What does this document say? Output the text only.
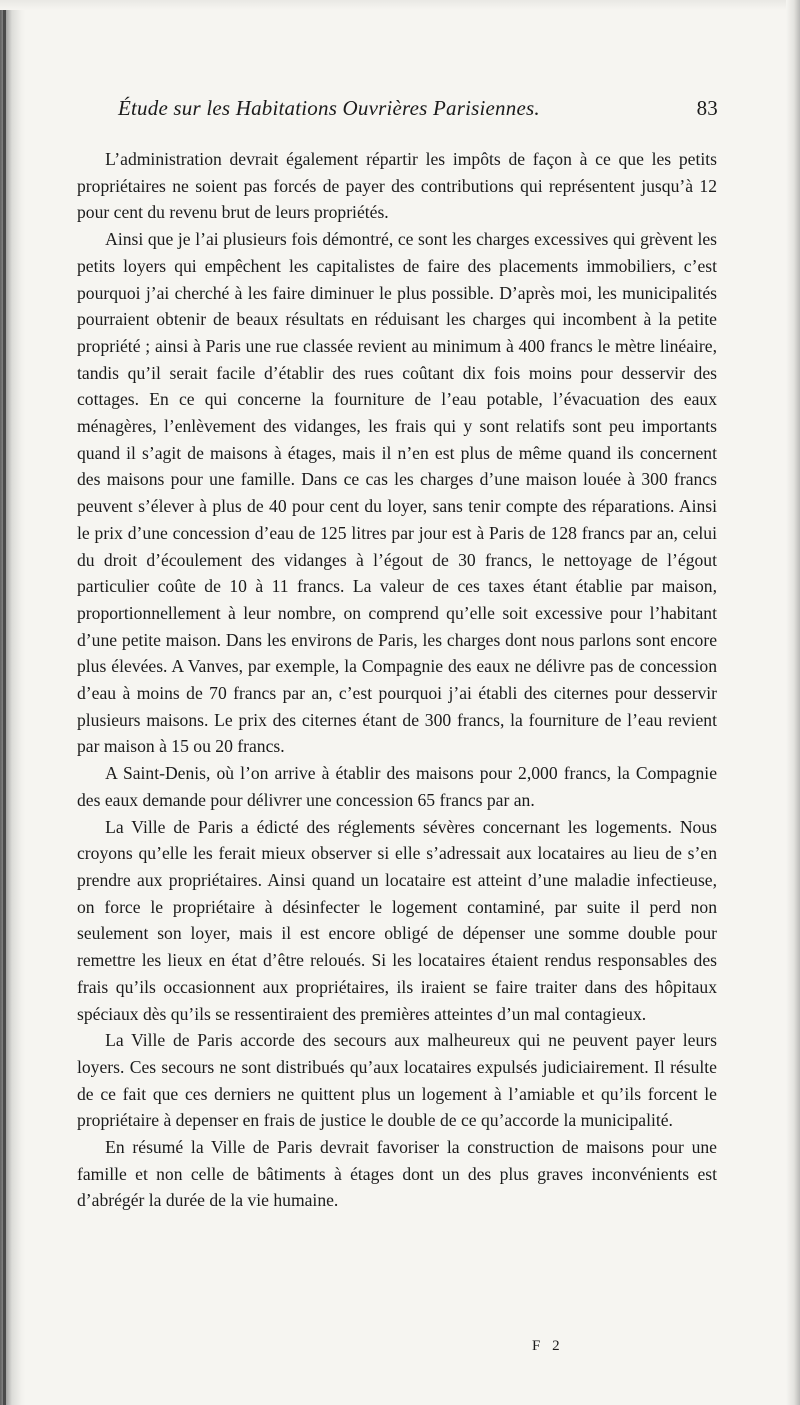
Étude sur les Habitations Ouvrières Parisiennes.	83

L’administration devrait également répartir les impôts de façon à ce que les petits propriétaires ne soient pas forcés de payer des contributions qui représentent jusqu’à 12 pour cent du revenu brut de leurs propriétés.

Ainsi que je l’ai plusieurs fois démontré, ce sont les charges excessives qui grèvent les petits loyers qui empêchent les capitalistes de faire des placements immobiliers, c’est pourquoi j’ai cherché à les faire diminuer le plus possible. D’après moi, les municipalités pourraient obtenir de beaux résultats en réduisant les charges qui incombent à la petite propriété ; ainsi à Paris une rue classée revient au minimum à 400 francs le mètre linéaire, tandis qu’il serait facile d’établir des rues coûtant dix fois moins pour desservir des cottages. En ce qui concerne la fourniture de l’eau potable, l’évacuation des eaux ménagères, l’enlèvement des vidanges, les frais qui y sont relatifs sont peu importants quand il s’agit de maisons à étages, mais il n’en est plus de même quand ils concernent des maisons pour une famille. Dans ce cas les charges d’une maison louée à 300 francs peuvent s’élever à plus de 40 pour cent du loyer, sans tenir compte des réparations. Ainsi le prix d’une concession d’eau de 125 litres par jour est à Paris de 128 francs par an, celui du droit d’écoulement des vidanges à l’égout de 30 francs, le nettoyage de l’égout particulier coûte de 10 à 11 francs. La valeur de ces taxes étant établie par maison, proportionnellement à leur nombre, on comprend qu’elle soit excessive pour l’habitant d’une petite maison. Dans les environs de Paris, les charges dont nous parlons sont encore plus élevées. A Vanves, par exemple, la Compagnie des eaux ne délivre pas de concession d’eau à moins de 70 francs par an, c’est pourquoi j’ai établi des citernes pour desservir plusieurs maisons. Le prix des citernes étant de 300 francs, la fourniture de l’eau revient par maison à 15 ou 20 francs.

A Saint-Denis, où l’on arrive à établir des maisons pour 2,000 francs, la Compagnie des eaux demande pour délivrer une concession 65 francs par an.

La Ville de Paris a édicté des réglements sévères concernant les logements. Nous croyons qu’elle les ferait mieux observer si elle s’adressait aux locataires au lieu de s’en prendre aux propriétaires. Ainsi quand un locataire est atteint d’une maladie infectieuse, on force le propriétaire à désinfecter le logement contaminé, par suite il perd non seulement son loyer, mais il est encore obligé de dépenser une somme double pour remettre les lieux en état d’être reloués. Si les locataires étaient rendus responsables des frais qu’ils occasionnent aux propriétaires, ils iraient se faire traiter dans des hôpitaux spéciaux dès qu’ils se ressentiraient des premières atteintes d’un mal contagieux.

La Ville de Paris accorde des secours aux malheureux qui ne peuvent payer leurs loyers. Ces secours ne sont distribués qu’aux locataires expulsés judiciairement. Il résulte de ce fait que ces derniers ne quittent plus un logement à l’amiable et qu’ils forcent le propriétaire à depenser en frais de justice le double de ce qu’accorde la municipalité.

En résumé la Ville de Paris devrait favoriser la construction de maisons pour une famille et non celle de bâtiments à étages dont un des plus graves inconvénients est d’abrégér la durée de la vie humaine.

F 2
